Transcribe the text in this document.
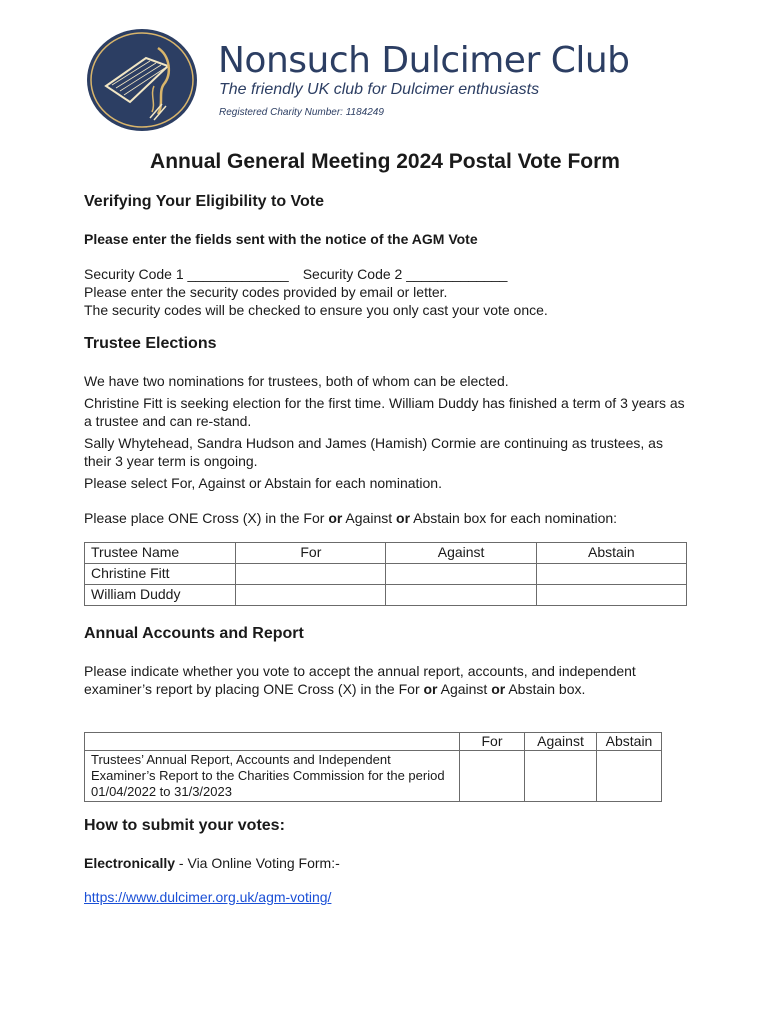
Nonsuch Dulcimer Club
The friendly UK club for Dulcimer enthusiasts
Registered Charity Number: 1184249
Annual General Meeting 2024 Postal Vote Form
Verifying Your Eligibility to Vote

Please enter the fields sent with the notice of the AGM Vote

Security Code 1 _____________ Security Code 2 _____________

Please enter the security codes provided by email or letter.

The security codes will be checked to ensure you only cast your vote once.

Trustee Elections

We have two nominations for trustees, both of whom can be elected.

Christine Fitt is seeking election for the first time. William Duddy has finished a term of 3 years as a trustee and can re-stand.

Sally Whytehead, Sandra Hudson and James (Hamish) Cormie are continuing as trustees, as their 3 year term is ongoing.

Please select For, Against or Abstain for each nomination.

Please place ONE Cross (X) in the For or Against or Abstain box for each nomination:

Trustee Name	For	Against	Abstain
Christine Fitt			
William Duddy			
Annual Accounts and Report

Please indicate whether you vote to accept the annual report, accounts, and independent examiner’s report by placing ONE Cross (X) in the For or Against or Abstain box.

	For	Against	Abstain
Trustees’ Annual Report, Accounts and Independent Examiner’s Report to the Charities Commission for the period 01/04/2022 to 31/3/2023			
How to submit your votes:

Electronically - Via Online Voting Form:-

https://www.dulcimer.org.uk/agm-voting/
